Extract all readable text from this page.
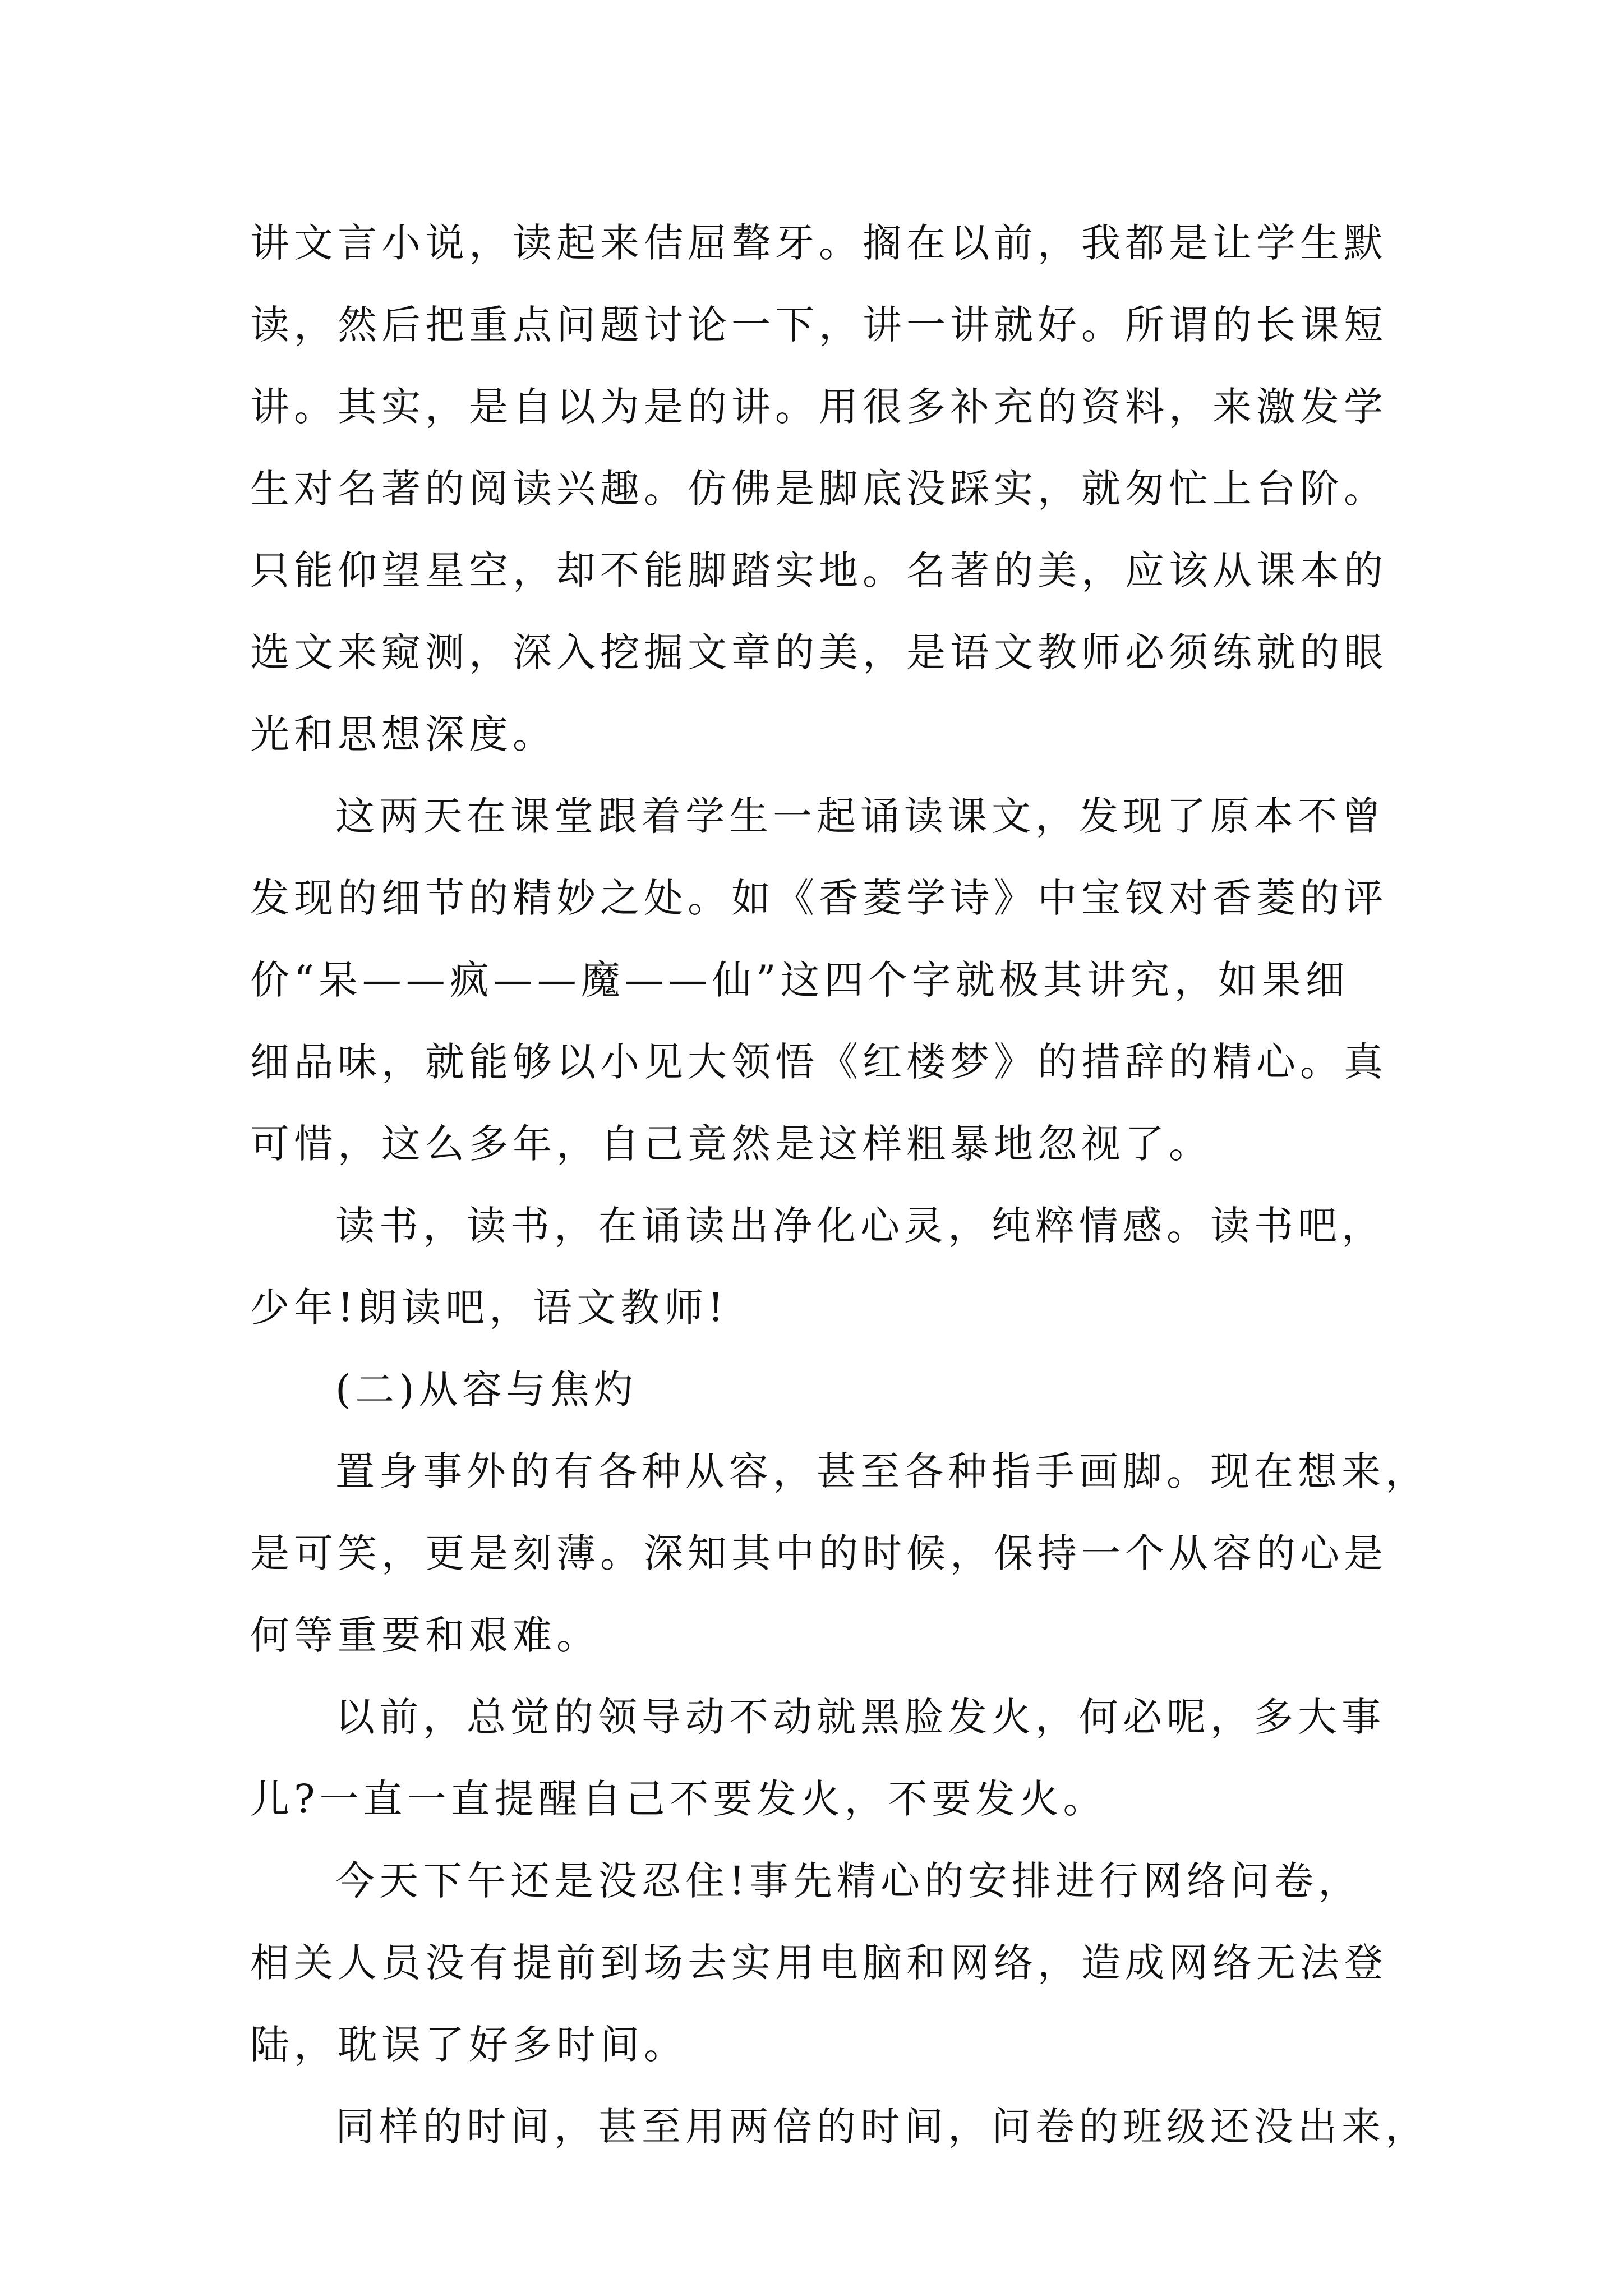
讲文言小说，读起来佶屈聱牙。搁在以前，我都是让学生默
读，然后把重点问题讨论一下，讲一讲就好。所谓的长课短
讲。其实，是自以为是的讲。用很多补充的资料，来激发学
生对名著的阅读兴趣。仿佛是脚底没踩实，就匆忙上台阶。
只能仰望星空，却不能脚踏实地。名著的美，应该从课本的
选文来窥测，深入挖掘文章的美，是语文教师必须练就的眼
光和思想深度。
这两天在课堂跟着学生一起诵读课文，发现了原本不曾
发现的细节的精妙之处。如《香菱学诗》中宝钗对香菱的评
价“呆——疯——魔——仙”这四个字就极其讲究，如果细
细品味，就能够以小见大领悟《红楼梦》的措辞的精心。真
可惜，这么多年，自己竟然是这样粗暴地忽视了。
读书，读书，在诵读出净化心灵，纯粹情感。读书吧，
少年!朗读吧，语文教师!
(二)从容与焦灼
置身事外的有各种从容，甚至各种指手画脚。现在想来，
是可笑，更是刻薄。深知其中的时候，保持一个从容的心是
何等重要和艰难。
以前，总觉的领导动不动就黑脸发火，何必呢，多大事
儿?一直一直提醒自己不要发火，不要发火。
今天下午还是没忍住!事先精心的安排进行网络问卷，
相关人员没有提前到场去实用电脑和网络，造成网络无法登
陆，耽误了好多时间。
同样的时间，甚至用两倍的时间，问卷的班级还没出来，
